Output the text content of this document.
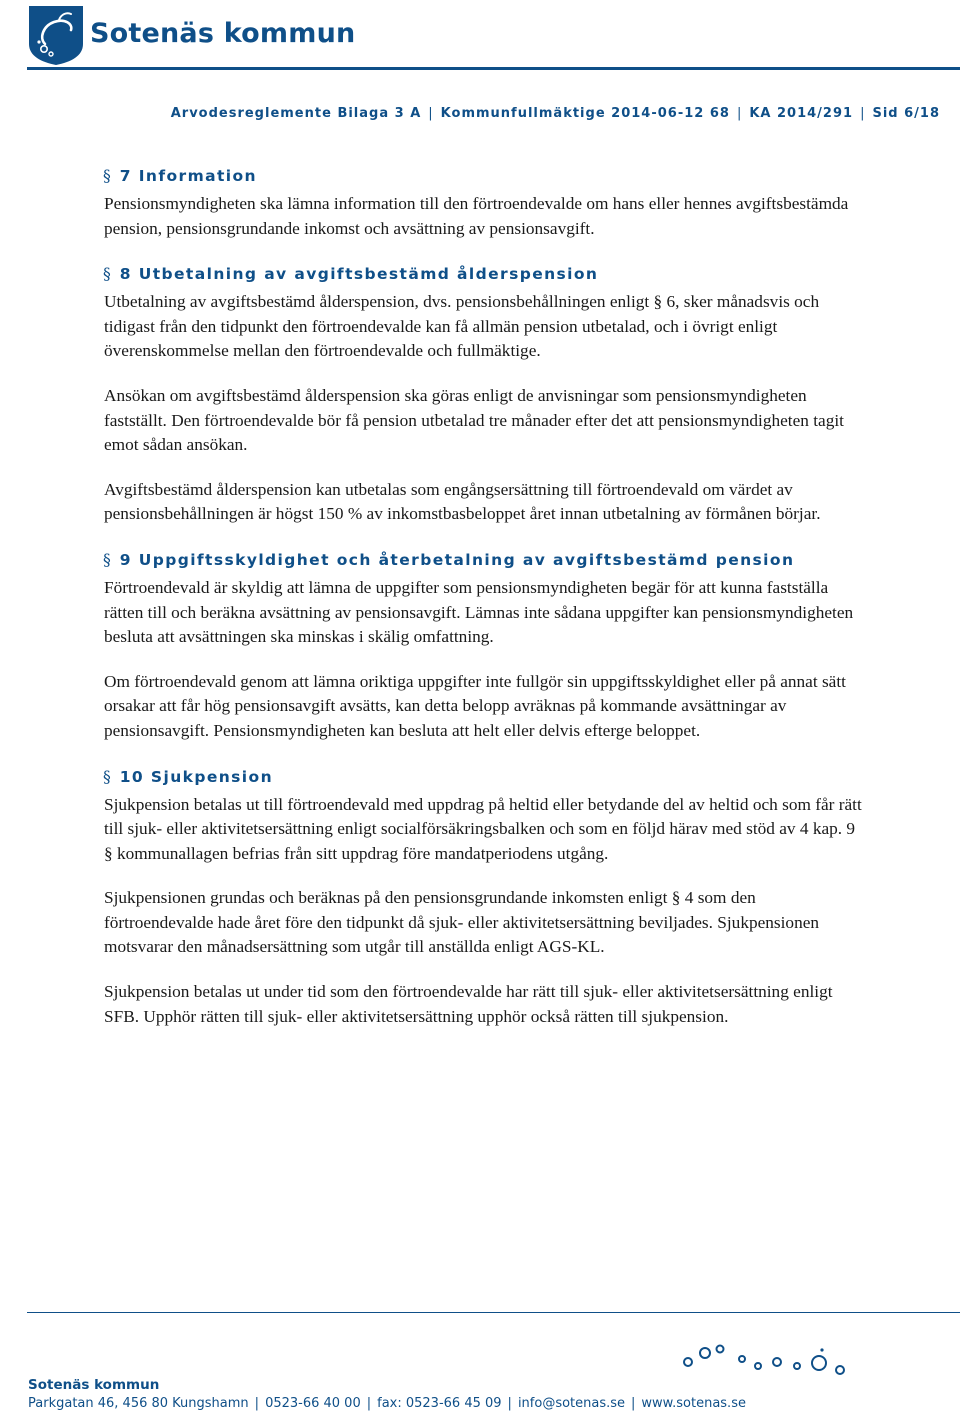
Sotenäs kommun
Arvodesreglemente Bilaga 3 A | Kommunfullmäktige 2014-06-12 68 | KA 2014/291 | Sid 6/18
§ 7 Information

Pensionsmyndigheten ska lämna information till den förtroendevalde om hans eller hennes avgiftsbestämda pension, pensionsgrundande inkomst och avsättning av pensionsavgift.

§ 8 Utbetalning av avgiftsbestämd ålderspension

Utbetalning av avgiftsbestämd ålderspension, dvs. pensionsbehållningen enligt § 6, sker månadsvis och tidigast från den tidpunkt den förtroendevalde kan få allmän pension utbetalad, och i övrigt enligt överenskommelse mellan den förtroendevalde och fullmäktige.

Ansökan om avgiftsbestämd ålderspension ska göras enligt de anvisningar som pensionsmyndigheten fastställt. Den förtroendevalde bör få pension utbetalad tre månader efter det att pensionsmyndigheten tagit emot sådan ansökan.

Avgiftsbestämd ålderspension kan utbetalas som engångsersättning till förtroendevald om värdet av pensionsbehållningen är högst 150 % av inkomstbasbeloppet året innan utbetalning av förmånen börjar.

§ 9 Uppgiftsskyldighet och återbetalning av avgiftsbestämd pension

Förtroendevald är skyldig att lämna de uppgifter som pensionsmyndigheten begär för att kunna fastställa rätten till och beräkna avsättning av pensionsavgift. Lämnas inte sådana uppgifter kan pensionsmyndigheten besluta att avsättningen ska minskas i skälig omfattning.

Om förtroendevald genom att lämna oriktiga uppgifter inte fullgör sin uppgiftsskyldighet eller på annat sätt orsakar att får hög pensionsavgift avsätts, kan detta belopp avräknas på kommande avsättningar av pensionsavgift. Pensionsmyndigheten kan besluta att helt eller delvis efterge beloppet.

§ 10 Sjukpension

Sjukpension betalas ut till förtroendevald med uppdrag på heltid eller betydande del av heltid och som får rätt till sjuk- eller aktivitetsersättning enligt socialförsäkringsbalken och som en följd härav med stöd av 4 kap. 9 § kommunallagen befrias från sitt uppdrag före mandatperiodens utgång.

Sjukpensionen grundas och beräknas på den pensionsgrundande inkomsten enligt § 4 som den förtroendevalde hade året före den tidpunkt då sjuk- eller aktivitetsersättning beviljades. Sjukpensionen motsvarar den månadsersättning som utgår till anställda enligt AGS-KL.

Sjukpension betalas ut under tid som den förtroendevalde har rätt till sjuk- eller aktivitetsersättning enligt SFB. Upphör rätten till sjuk- eller aktivitetsersättning upphör också rätten till sjukpension.

Sotenäs kommun
Parkgatan 46, 456 80 Kungshamn | 0523-66 40 00 | fax: 0523-66 45 09 | info@sotenas.se | www.sotenas.se
